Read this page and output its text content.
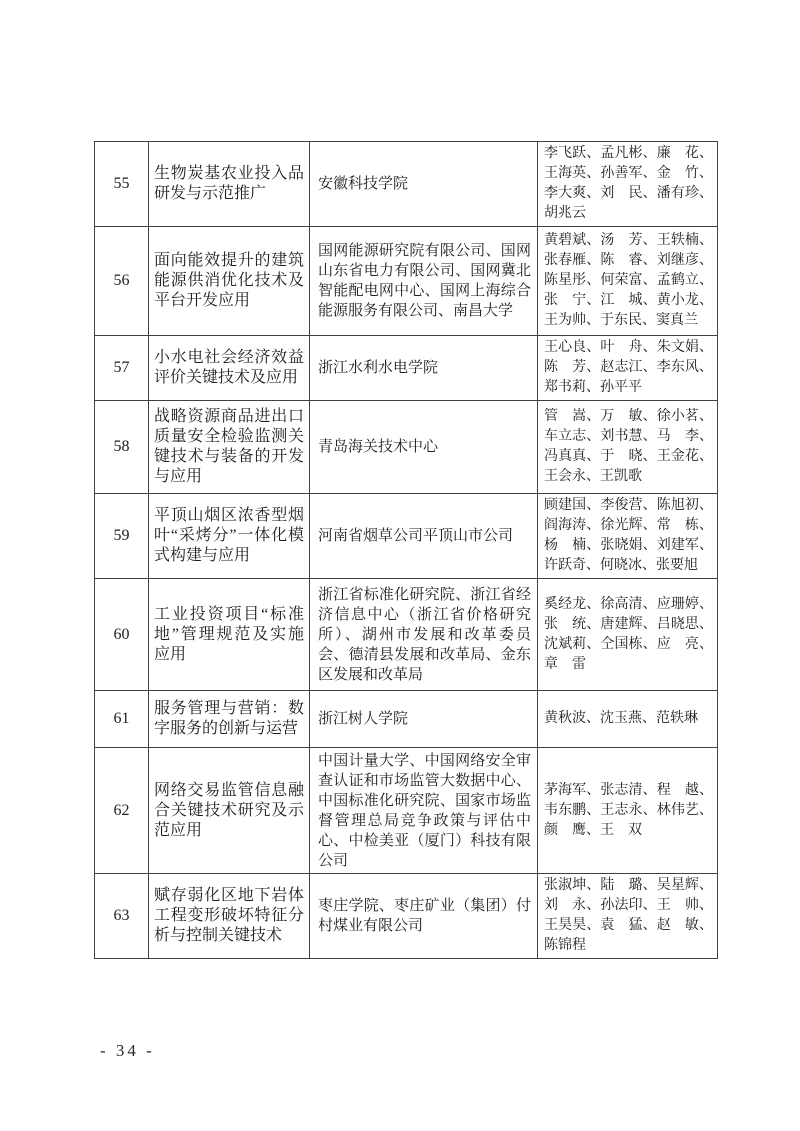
55	生物炭基农业投入品研发与示范推广	安徽科技学院	李飞跃、孟凡彬、廉　花、王海英、孙善军、金　竹、李大爽、刘　民、潘有珍、胡兆云
56	面向能效提升的建筑能源供消优化技术及平台开发应用	国网能源研究院有限公司、国网山东省电力有限公司、国网冀北智能配电网中心、国网上海综合能源服务有限公司、南昌大学	黄碧斌、汤　芳、王轶楠、张春雁、陈　睿、刘继彦、陈星彤、何荣富、孟鹤立、张　宁、江　城、黄小龙、王为帅、于东民、窦真兰
57	小水电社会经济效益评价关键技术及应用	浙江水利水电学院	王心良、叶　舟、朱文娟、陈　芳、赵志江、李东风、郑书莉、孙平平
58	战略资源商品进出口质量安全检验监测关键技术与装备的开发与应用	青岛海关技术中心	管　嵩、万　敏、徐小茗、车立志、刘书慧、马　李、冯真真、于　晓、王金花、王会永、王凯歌
59	平顶山烟区浓香型烟叶“采烤分”一体化模式构建与应用	河南省烟草公司平顶山市公司	顾建国、李俊营、陈旭初、阎海涛、徐光辉、常　栋、杨　楠、张晓娟、刘建军、许跃奇、何晓冰、张要旭
60	工业投资项目“标准地”管理规范及实施应用	浙江省标准化研究院、浙江省经济信息中心（浙江省价格研究所）、湖州市发展和改革委员会、德清县发展和改革局、金东区发展和改革局	奚经龙、徐高清、应珊婷、张　统、唐建辉、吕晓思、沈斌莉、仝国栋、应　亮、章　雷
61	服务管理与营销：数字服务的创新与运营	浙江树人学院	黄秋波、沈玉燕、范轶琳
62	网络交易监管信息融合关键技术研究及示范应用	中国计量大学、中国网络安全审查认证和市场监管大数据中心、中国标准化研究院、国家市场监督管理总局竞争政策与评估中心、中检美亚（厦门）科技有限公司	茅海军、张志清、程　越、韦东鹏、王志永、林伟艺、颜　鹰、王　双
63	赋存弱化区地下岩体工程变形破坏特征分析与控制关键技术	枣庄学院、枣庄矿业（集团）付村煤业有限公司	张淑坤、陆　璐、吴星辉、刘　永、孙法印、王　帅、王昊昊、袁　猛、赵　敏、陈锦程
- 34 -
